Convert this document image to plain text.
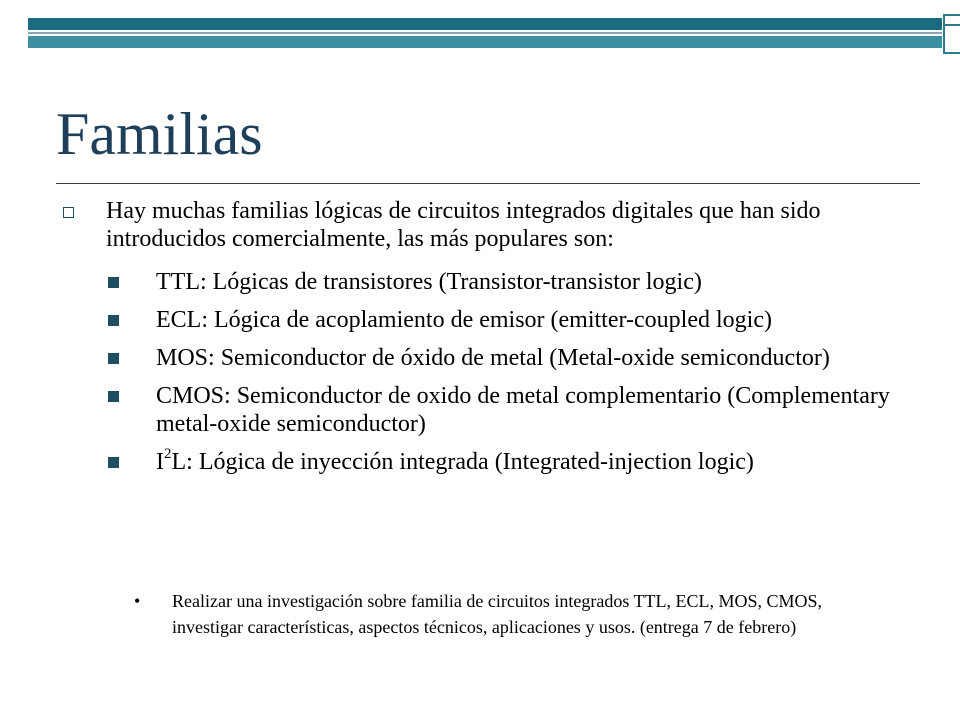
Familias
Hay muchas familias lógicas de circuitos integrados digitales que han sido introducidos comercialmente, las más populares son:
TTL: Lógicas de transistores (Transistor-transistor logic)
ECL: Lógica de acoplamiento de emisor (emitter-coupled logic)
MOS: Semiconductor de óxido de metal (Metal-oxide semiconductor)
CMOS: Semiconductor de oxido de metal complementario (Complementary metal-oxide semiconductor)
$I^2L$: Lógica de inyección integrada (Integrated-injection logic)
• Realizar una investigación sobre familia de circuitos integrados TTL, ECL, MOS, CMOS, investigar características, aspectos técnicos, aplicaciones y usos. (entrega 7 de febrero)
